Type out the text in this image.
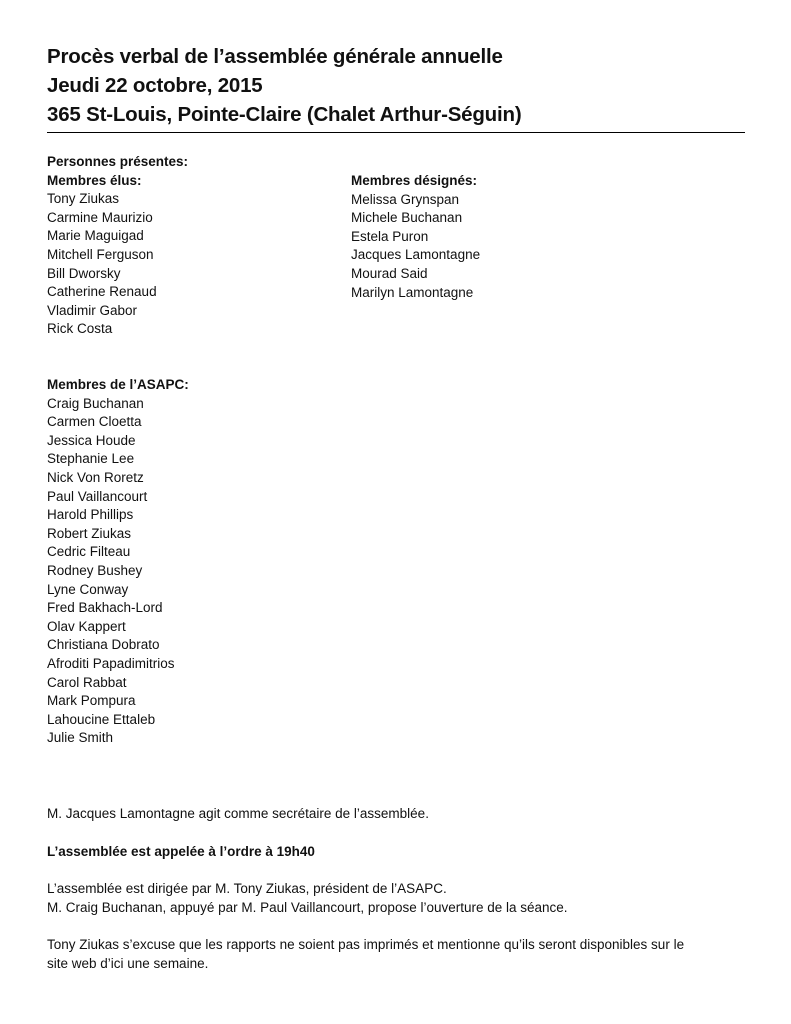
Procès verbal de l’assemblée générale annuelle
Jeudi 22 octobre, 2015
365 St-Louis, Pointe-Claire (Chalet Arthur-Séguin)
Personnes présentes:
Membres élus:
Tony Ziukas
Carmine Maurizio
Marie Maguigad
Mitchell Ferguson
Bill Dworsky
Catherine Renaud
Vladimir Gabor
Rick Costa
Membres désignés:
Melissa Grynspan
Michele Buchanan
Estela Puron
Jacques Lamontagne
Mourad Said
Marilyn Lamontagne
Membres de l’ASAPC:
Craig Buchanan
Carmen Cloetta
Jessica Houde
Stephanie Lee
Nick Von Roretz
Paul Vaillancourt
Harold Phillips
Robert Ziukas
Cedric Filteau
Rodney Bushey
Lyne Conway
Fred Bakhach-Lord
Olav Kappert
Christiana Dobrato
Afroditi Papadimitrios
Carol Rabbat
Mark Pompura
Lahoucine Ettaleb
Julie Smith
M. Jacques Lamontagne agit comme secrétaire de l’assemblée.
L’assemblée est appelée à l’ordre à 19h40
L’assemblée est dirigée par M. Tony Ziukas, président de l’ASAPC.
M. Craig Buchanan, appuyé par M. Paul Vaillancourt, propose l’ouverture de la séance.
Tony Ziukas s’excuse que les rapports ne soient pas imprimés et mentionne qu’ils seront disponibles sur le
site web d’ici une semaine.
